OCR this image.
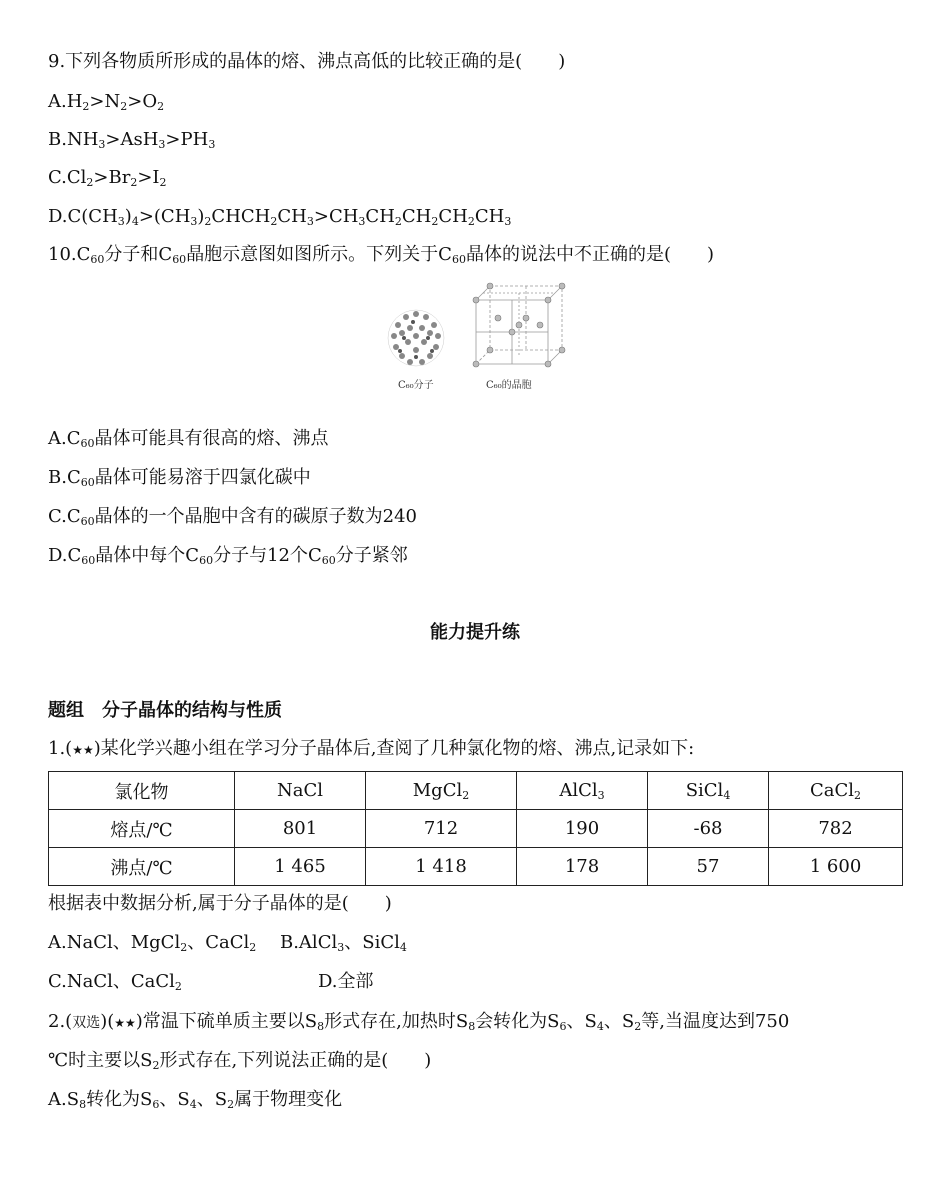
9.下列各物质所形成的晶体的熔、沸点高低的比较正确的是(　　)
$A.H_2>N_2>O_2$
$B.NH_3>AsH_3>PH_3$
$C.Cl_2>Br_2>I_2$
$D.C(CH_3)_4>(CH_3)_2CHCH_2CH_3>CH_3CH_2CH_2CH_2CH_3$
$10.C_{60}$分子和$C_{60}$晶胞示意图如图所示。下列关于$C_{60}$晶体的说法中不正确的是(　　)
C₆₀分子	C₆₀的晶胞
$A.C_{60}$晶体可能具有很高的熔、沸点
$B.C_{60}$晶体可能易溶于四氯化碳中
$C.C_{60}$晶体的一个晶胞中含有的碳原子数为240
$D.C_{60}$晶体中每个$C_{60}$分子与12个$C_{60}$分子紧邻
能力提升练
题组　分子晶体的结构与性质
1.(★★)某化学兴趣小组在学习分子晶体后,查阅了几种氯化物的熔、沸点,记录如下:
氯化物	NaCl	MgCl$_2$	AlCl$_3$	SiCl$_4$	CaCl$_2$
熔点/℃	801	712	190	-68	782
沸点/℃	1 465	1 418	178	57	1 600
根据表中数据分析,属于分子晶体的是(　　)
A.NaCl、MgCl$_2$、CaCl$_2$　 B.AlCl$_3$、SiCl$_4$
C.NaCl、CaCl$_2$	D.全部
2.(双选)(★★)常温下硫单质主要以$S_8$形式存在,加热时$S_8$会转化为$S_6$、$S_4$、$S_2$等,当温度达到750
℃时主要以$S_2$形式存在,下列说法正确的是(　　)
$A.S_8$转化为$S_6$、$S_4$、$S_2$属于物理变化
